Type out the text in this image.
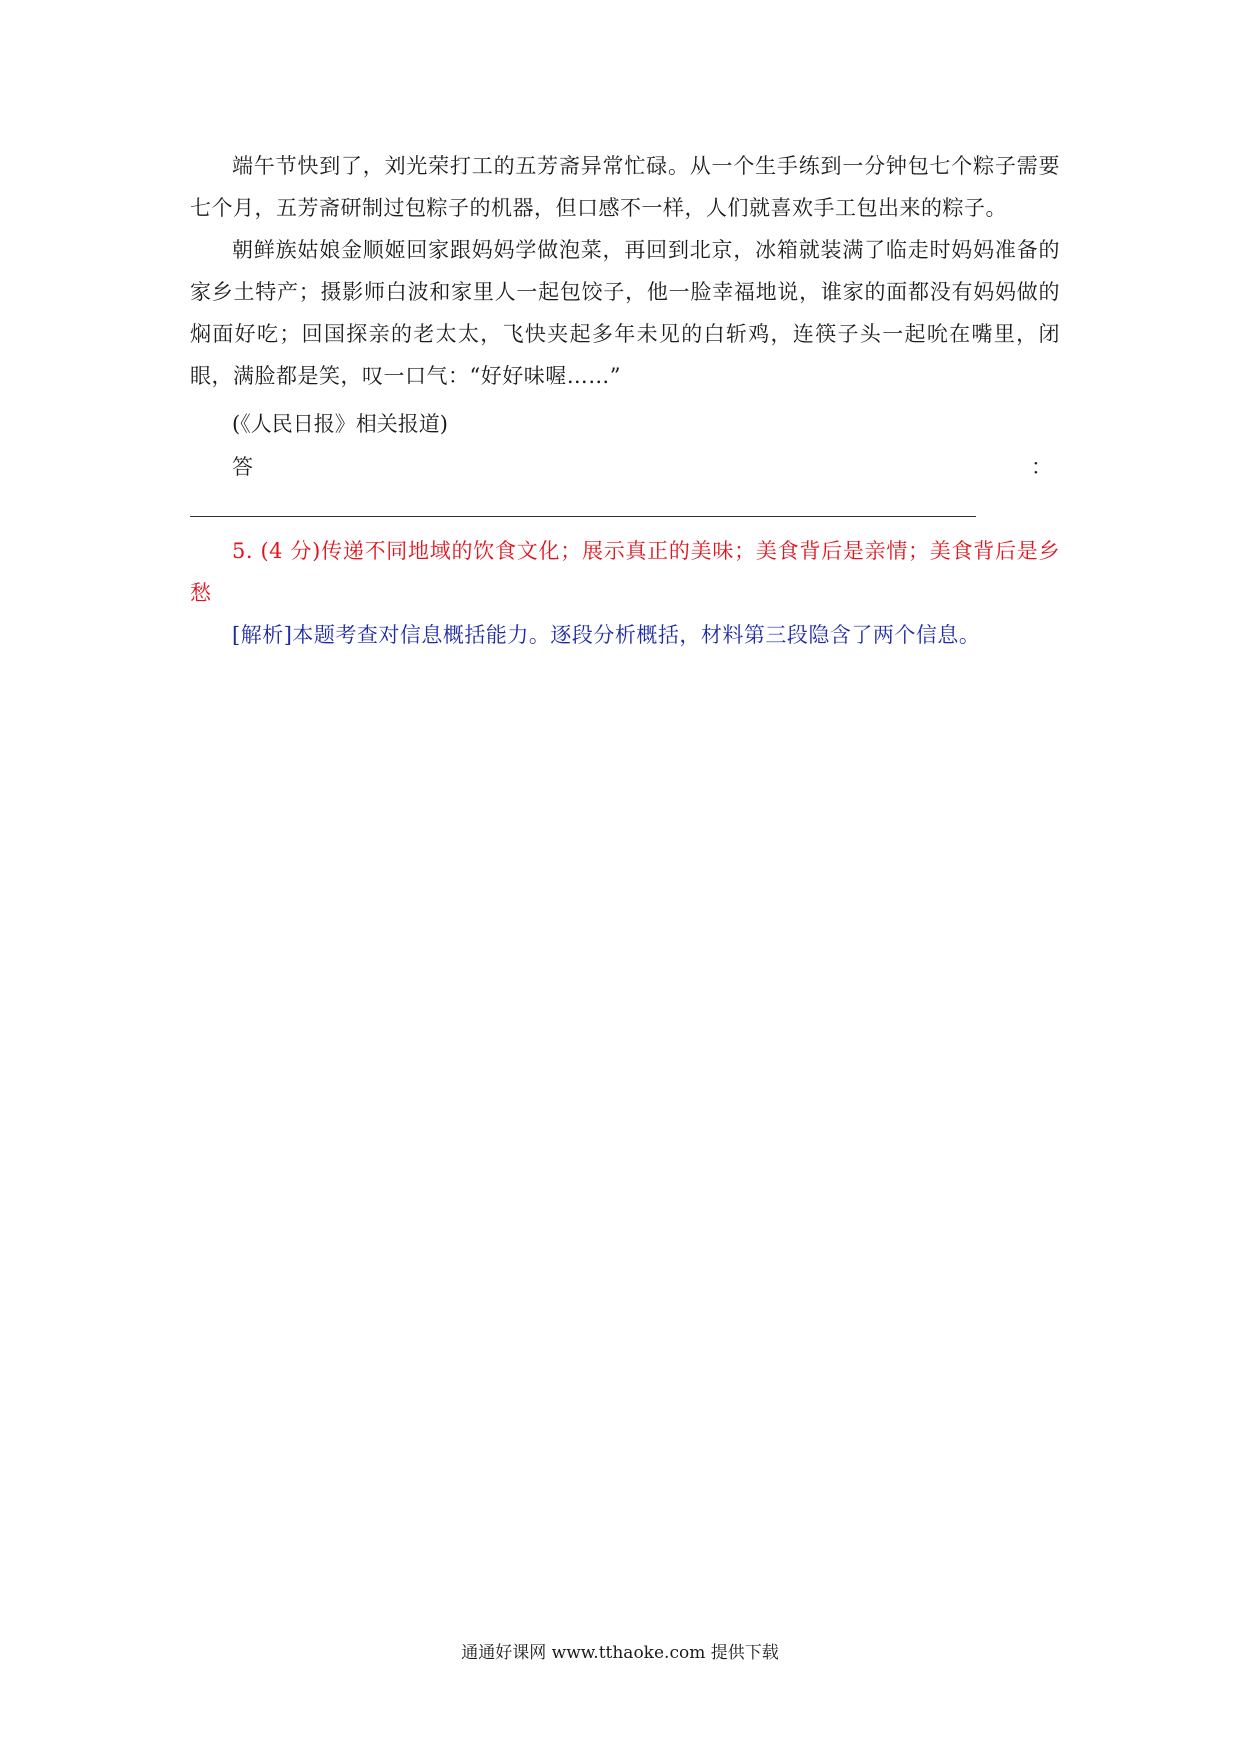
端午节快到了，刘光荣打工的五芳斋异常忙碌。从一个生手练到一分钟包七个粽子需要七个月，五芳斋研制过包粽子的机器，但口感不一样，人们就喜欢手工包出来的粽子。

朝鲜族姑娘金顺姬回家跟妈妈学做泡菜，再回到北京，冰箱就装满了临走时妈妈准备的家乡土特产；摄影师白波和家里人一起包饺子，他一脸幸福地说，谁家的面都没有妈妈做的焖面好吃；回国探亲的老太太，飞快夹起多年未见的白斩鸡，连筷子头一起吮在嘴里，闭眼，满脸都是笑，叹一口气：“好好味喔……”

(《人民日报》相关报道)

答	：

5. (4 分)传递不同地域的饮食文化；展示真正的美味；美食背后是亲情；美食背后是乡愁

[解析]本题考查对信息概括能力。逐段分析概括，材料第三段隐含了两个信息。

通通好课网 www.tthaoke.com 提供下载
